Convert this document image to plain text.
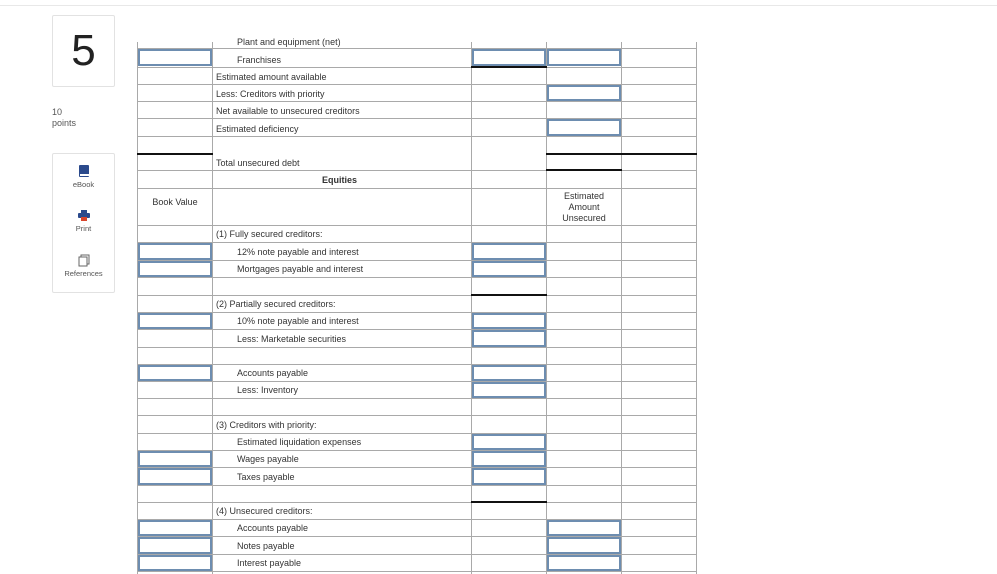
5
10
points
eBook
Print
References
Plant and equipment (net)
Franchises
Estimated amount available
Less: Creditors with priority
Net available to unsecured creditors
Estimated deficiency
Total unsecured debt
Equities
Book Value
Estimated Amount Unsecured
(1) Fully secured creditors:
12% note payable and interest
Mortgages payable and interest
(2) Partially secured creditors:
10% note payable and interest
Less: Marketable securities
Accounts payable
Less: Inventory
(3) Creditors with priority:
Estimated liquidation expenses
Wages payable
Taxes payable
(4) Unsecured creditors:
Accounts payable
Notes payable
Interest payable
